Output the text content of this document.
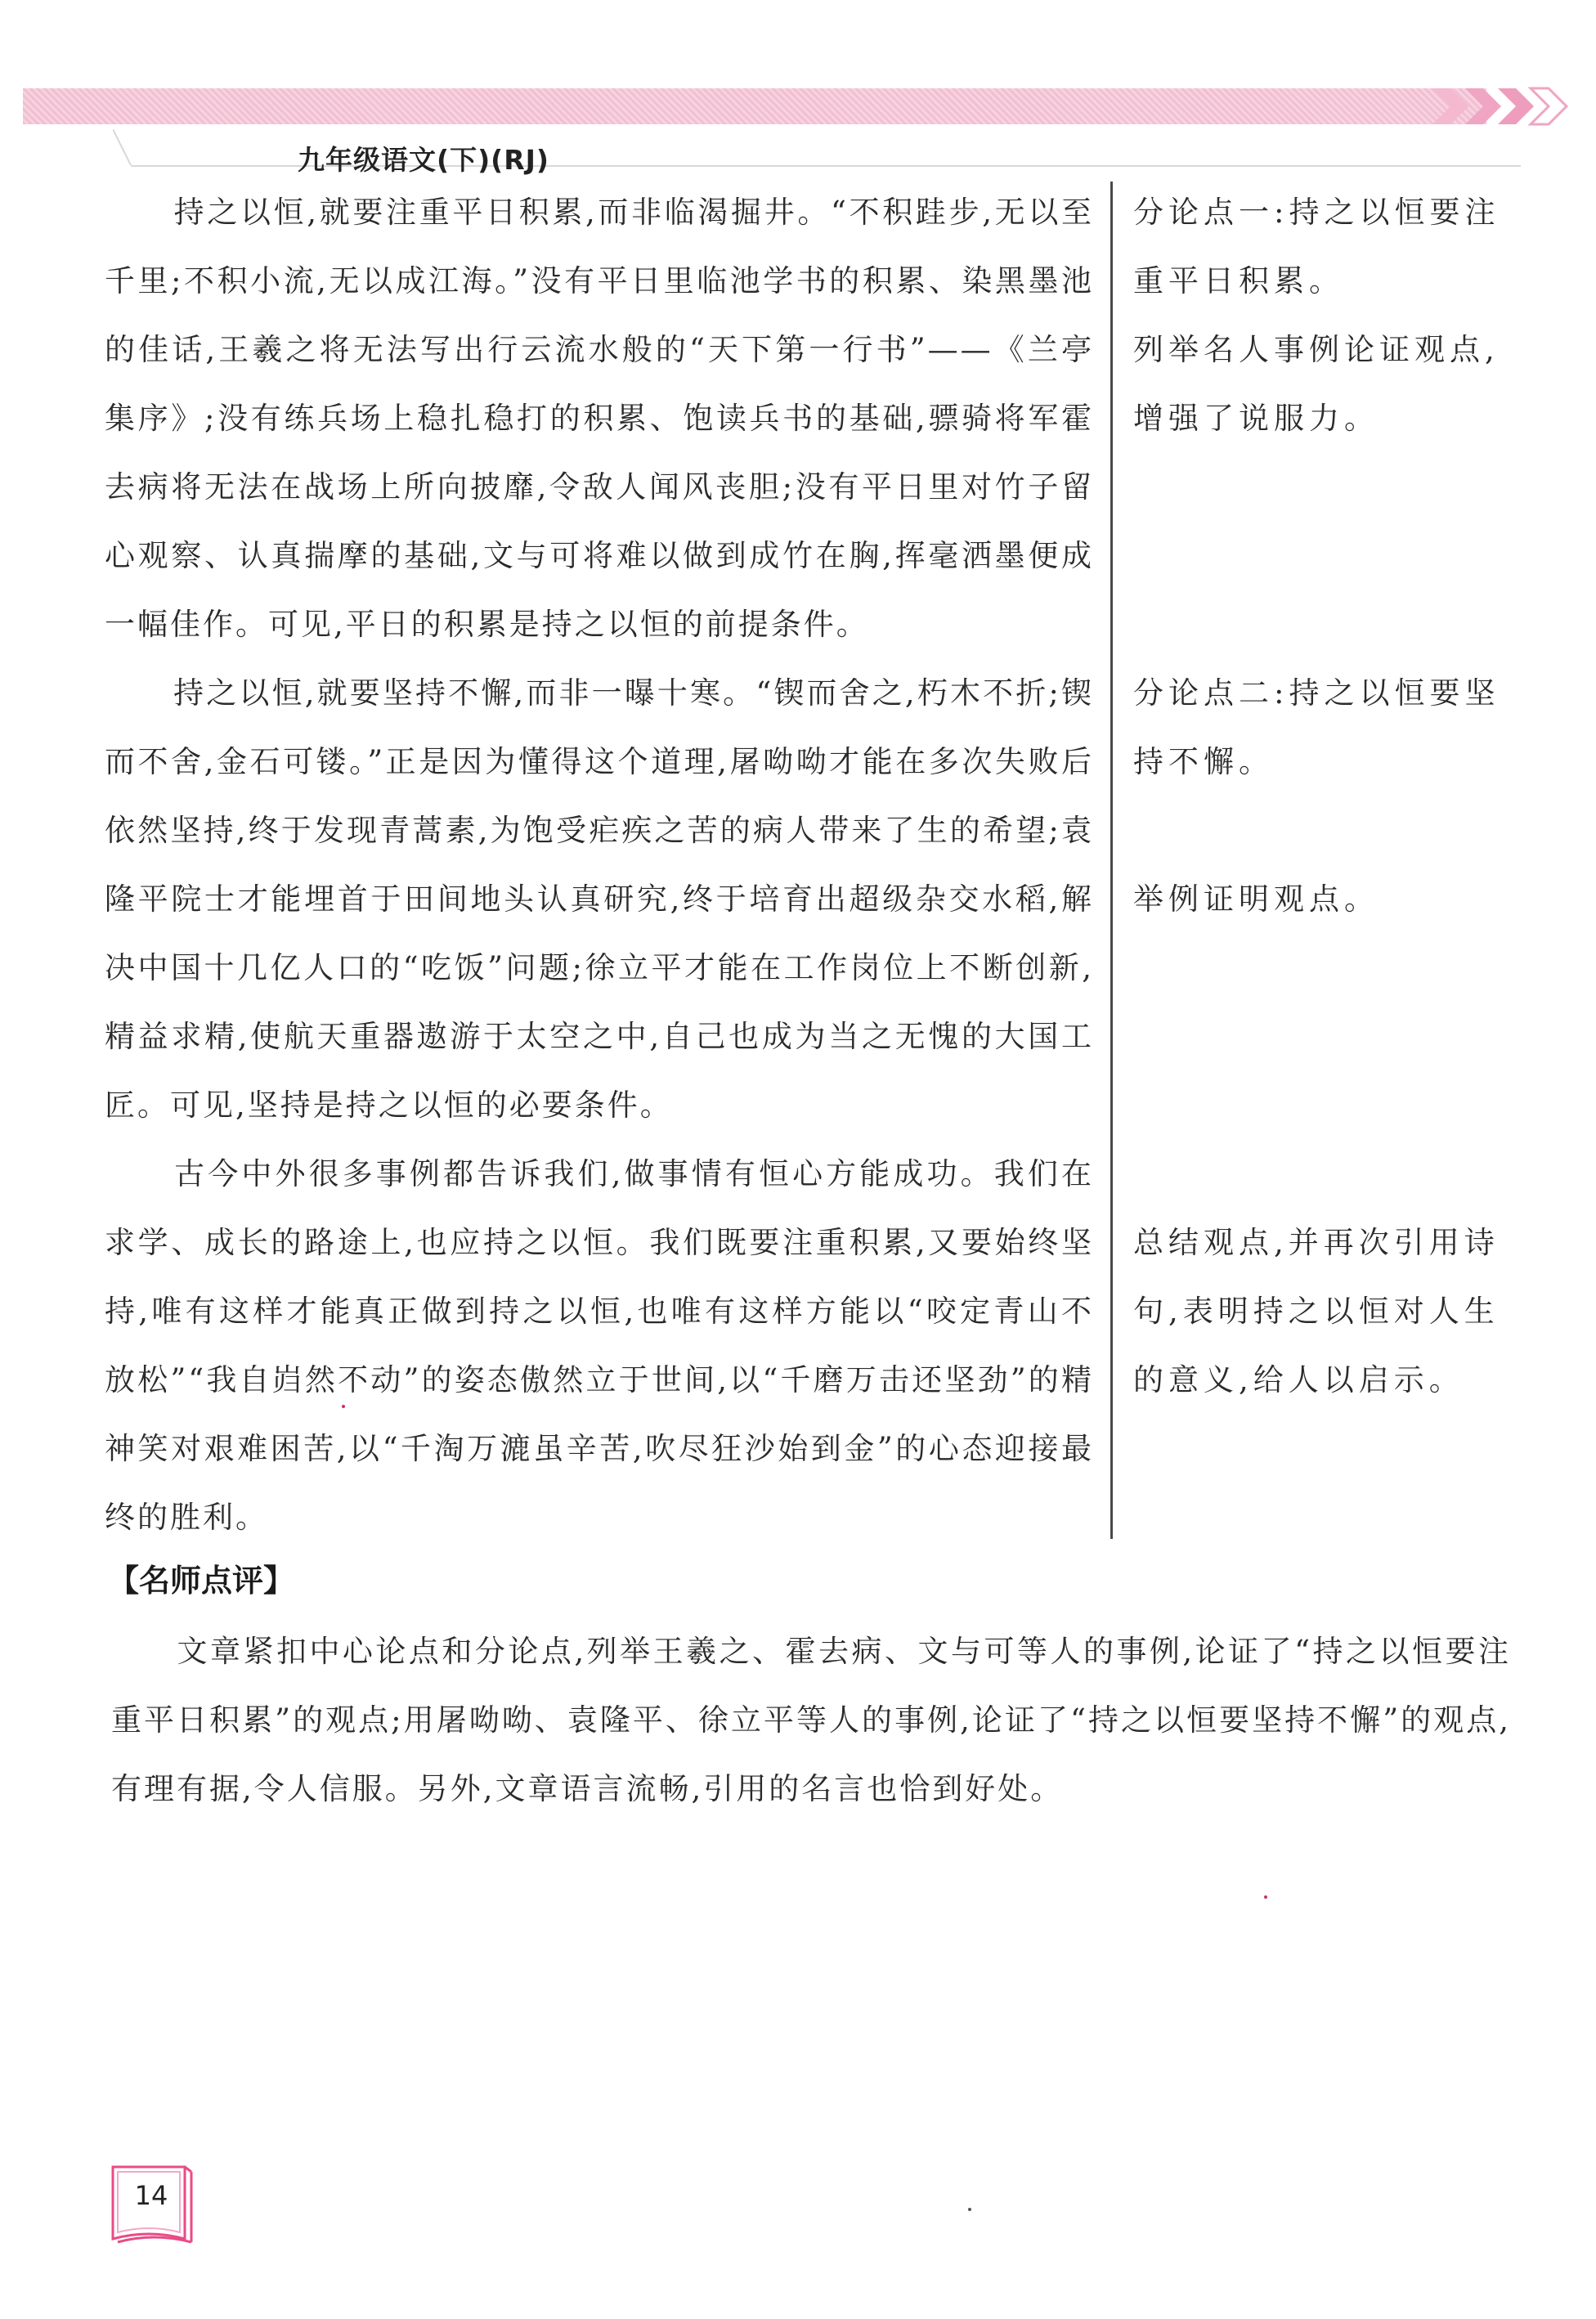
九年级语文(下)(RJ)
持之以恒,就要注重平日积累,而非临渴掘井。“不积跬步,无以至千里;不积小流,无以成江海。”没有平日里临池学书的积累、染黑墨池的佳话,王羲之将无法写出行云流水般的“天下第一行书”——《兰亭集序》;没有练兵场上稳扎稳打的积累、饱读兵书的基础,骠骑将军霍去病将无法在战场上所向披靡,令敌人闻风丧胆;没有平日里对竹子留心观察、认真揣摩的基础,文与可将难以做到成竹在胸,挥毫洒墨便成一幅佳作。可见,平日的积累是持之以恒的前提条件。
持之以恒,就要坚持不懈,而非一曝十寒。“锲而舍之,朽木不折;锲而不舍,金石可镂。”正是因为懂得这个道理,屠呦呦才能在多次失败后依然坚持,终于发现青蒿素,为饱受疟疾之苦的病人带来了生的希望;袁隆平院士才能埋首于田间地头认真研究,终于培育出超级杂交水稻,解决中国十几亿人口的“吃饭”问题;徐立平才能在工作岗位上不断创新,精益求精,使航天重器遨游于太空之中,自己也成为当之无愧的大国工匠。可见,坚持是持之以恒的必要条件。
古今中外很多事例都告诉我们,做事情有恒心方能成功。我们在求学、成长的路途上,也应持之以恒。我们既要注重积累,又要始终坚持,唯有这样才能真正做到持之以恒,也唯有这样方能以“咬定青山不放松”“我自岿然不动”的姿态傲然立于世间,以“千磨万击还坚劲”的精神笑对艰难困苦,以“千淘万漉虽辛苦,吹尽狂沙始到金”的心态迎接最终的胜利。
分论点一:持之以恒要注重平日积累。
列举名人事例论证观点,增强了说服力。
分论点二:持之以恒要坚持不懈。
举例证明观点。
总结观点,并再次引用诗句,表明持之以恒对人生的意义,给人以启示。
【名师点评】
文章紧扣中心论点和分论点,列举王羲之、霍去病、文与可等人的事例,论证了“持之以恒要注重平日积累”的观点;用屠呦呦、袁隆平、徐立平等人的事例,论证了“持之以恒要坚持不懈”的观点,有理有据,令人信服。另外,文章语言流畅,引用的名言也恰到好处。
14
